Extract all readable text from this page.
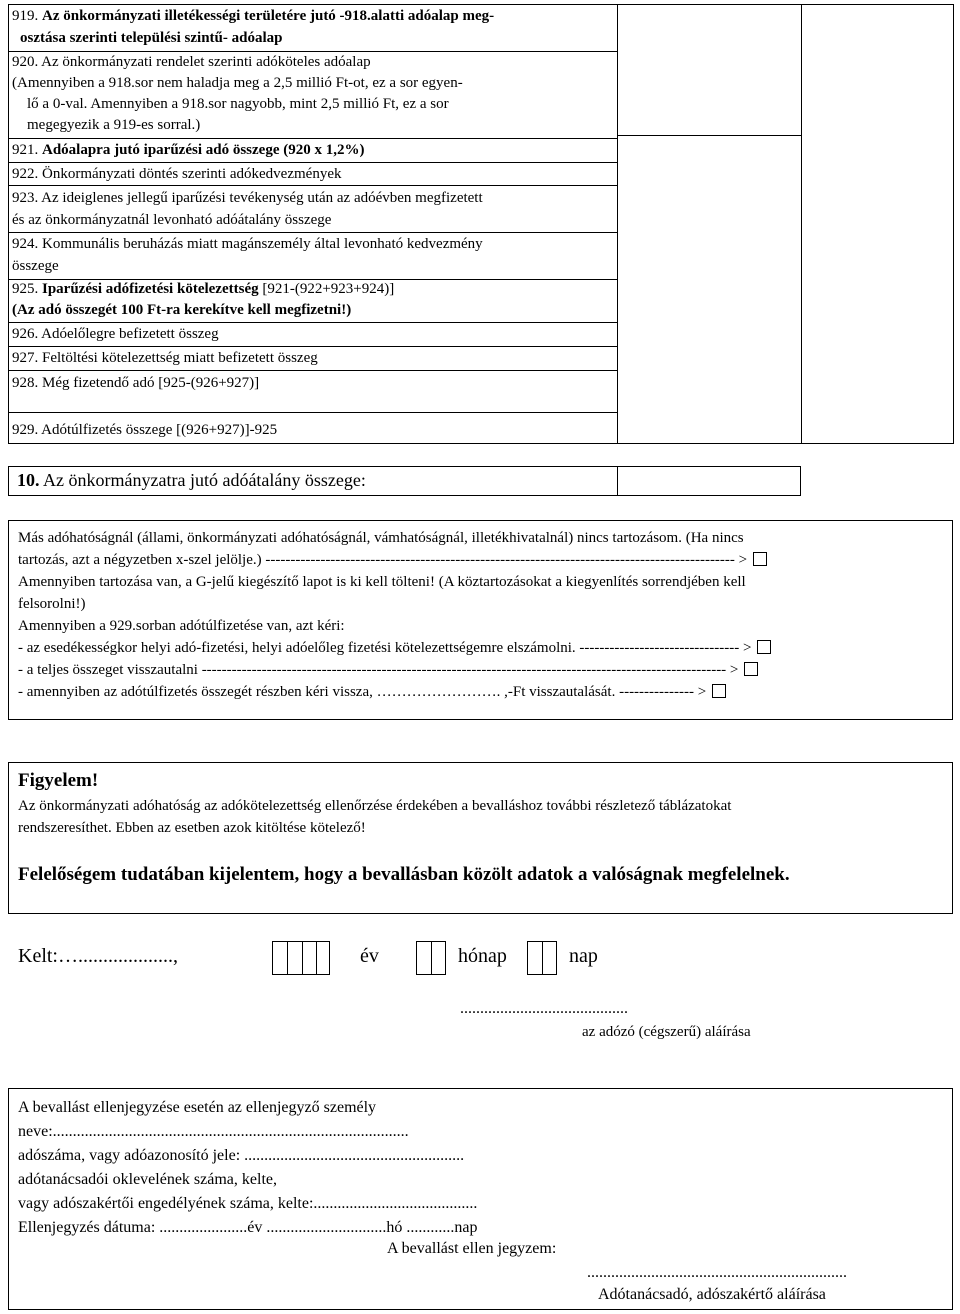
919. Az önkormányzati illetékességi területére jutó -918.alatti adóalap meg-
osztása szerinti települési szintű- adóalap
920. Az önkormányzati rendelet szerinti adóköteles adóalap
(Amennyiben a 918.sor nem haladja meg a 2,5 millió Ft-ot, ez a sor egyen-
lő a 0-val. Amennyiben a 918.sor nagyobb, mint 2,5 millió Ft, ez a sor
megegyezik a 919-es sorral.)
921. Adóalapra jutó iparűzési adó összege (920 x 1,2%)
922. Önkormányzati döntés szerinti adókedvezmények
923. Az ideiglenes jellegű iparűzési tevékenység után az adóévben megfizetett
és az önkormányzatnál levonható adóátalány összege
924. Kommunális beruházás miatt magánszemély által levonható kedvezmény
összege
925. Iparűzési adófizetési kötelezettség [921-(922+923+924)]
(Az adó összegét 100 Ft-ra kerekítve kell megfizetni!)
926. Adóelőlegre befizetett összeg
927. Feltöltési kötelezettség miatt befizetett összeg
928. Még fizetendő adó [925-(926+927)]
929. Adótúlfizetés összege [(926+927)]-925
10. Az önkormányzatra jutó adóátalány összege:
Más adóhatóságnál (állami, önkormányzati adóhatóságnál, vámhatóságnál, illetékhivatalnál) nincs tartozásom. (Ha nincs
tartozás, azt a négyzetben x-szel jelölje.) ---------------------------------------------------------------------------------------------- >
Amennyiben tartozása van, a G-jelű kiegészítő lapot is ki kell tölteni! (A köztartozásokat a kiegyenlítés sorrendjében kell
felsorolni!)
Amennyiben a 929.sorban adótúlfizetése van, azt kéri:
- az esedékességkor helyi adó-fizetési, helyi adóelőleg fizetési kötelezettségemre elszámolni. -------------------------------- >
- a teljes összeget visszautalni --------------------------------------------------------------------------------------------------------- >
- amennyiben az adótúlfizetés összegét részben kéri vissza, ……………………. ,-Ft visszautalását. --------------- >
Figyelem!
Az önkormányzati adóhatóság az adókötelezettség ellenőrzése érdekében a bevalláshoz további részletező táblázatokat
rendszeresíthet. Ebben az esetben azok kitöltése kötelező!
Felelőségem tudatában kijelentem, hogy a bevallásban közölt adatok a valóságnak megfelelnek.
Kelt:…...................,	év	hónap	nap
..........................................
az adózó (cégszerű) aláírása
A bevallást ellenjegyzése esetén az ellenjegyző személy
neve:.........................................................................................
adószáma, vagy adóazonosító jele: .......................................................
adótanácsadói oklevelének száma, kelte,
vagy adószakértői engedélyének száma, kelte:.........................................
Ellenjegyzés dátuma: ......................év ..............................hó ............nap
A bevallást ellen jegyzem:
.................................................................
Adótanácsadó, adószakértő aláírása
